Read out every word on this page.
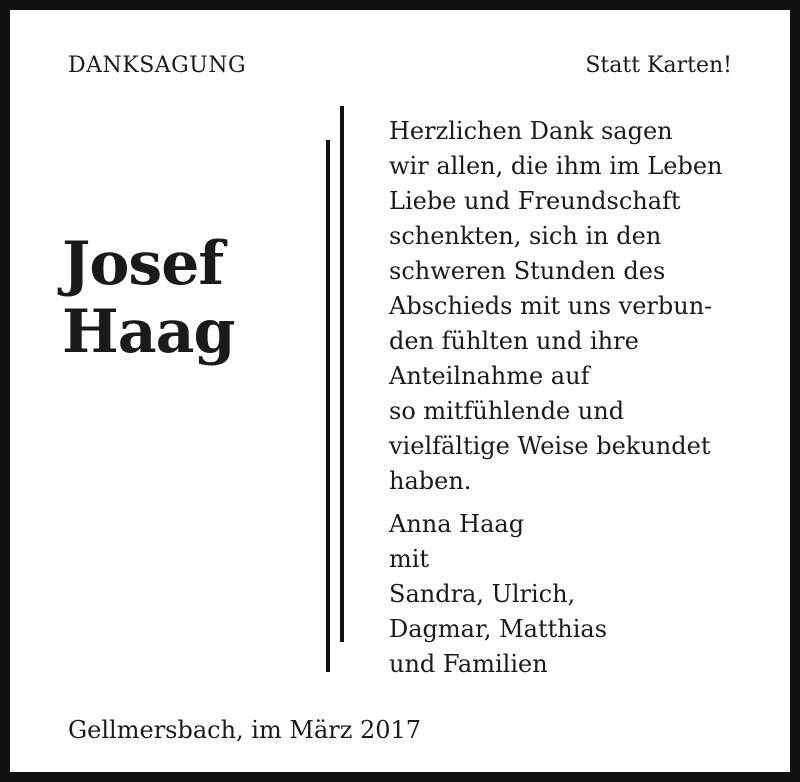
DANKSAGUNG	Statt Karten!
Josef
Haag
Herzlichen Dank sagen
wir allen, die ihm im Leben
Liebe und Freundschaft
schenkten, sich in den
schweren Stunden des
Abschieds mit uns verbun-
den fühlten und ihre
Anteilnahme auf
so mitfühlende und
vielfältige Weise bekundet
haben.
Anna Haag
mit
Sandra, Ulrich,
Dagmar, Matthias
und Familien
Gellmersbach, im März 2017
